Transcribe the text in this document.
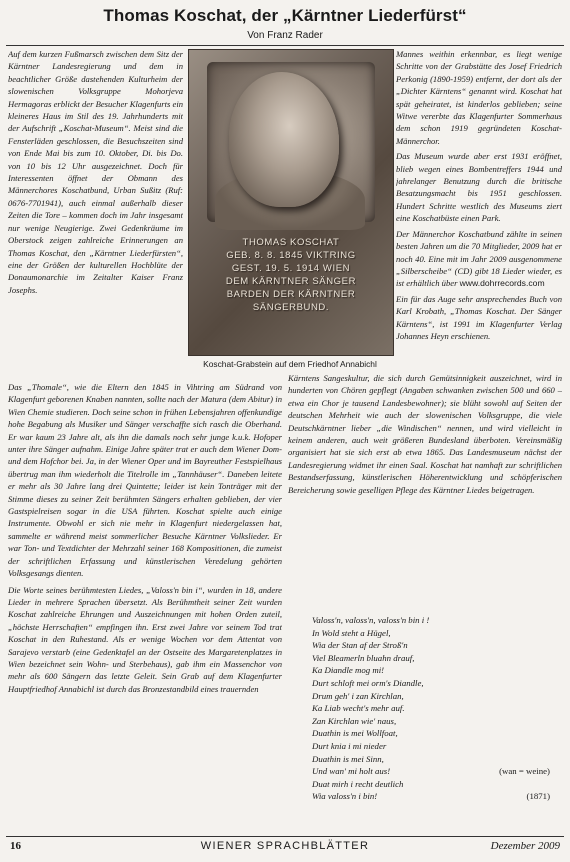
Thomas Koschat, der „Kärntner Liederfürst“
Von Franz Rader

Auf dem kurzen Fußmarsch zwischen dem Sitz der Kärntner Landesregierung und dem in beachtlicher Größe dastehenden Kulturheim der slowenischen Volksgruppe Mohorjeva Hermagoras erblickt der Besucher Klagenfurts ein kleineres Haus im Stil des 19. Jahrhunderts mit der Aufschrift „Koschat-Museum“. Meist sind die Fensterläden geschlossen, die Besuchszeiten sind von Ende Mai bis zum 10. Oktober, Di. bis Do. von 10 bis 12 Uhr ausgezeichnet. Doch für Interessenten öffnet der Obmann des Männerchores Koschatbund, Urban Sußitz (Ruf: 0676-7701941), auch einmal außerhalb dieser Zeiten die Tore – kommen doch im Jahr insgesamt nur wenige Neugierige. Zwei Gedenkräume im Oberstock zeigen zahlreiche Erinnerungen an Thomas Koschat, den „Kärntner Liederfürsten“, eine der Größen der kulturellen Hochblüte der Donaumonarchie im Zeitalter Kaiser Franz Josephs.

THOMAS KOSCHAT
GEB. 8. 8. 1845 VIKTRING
GEST. 19. 5. 1914 WIEN
DEM KÄRNTNER SÄNGER
BARDEN DER KÄRNTNER
SÄNGERBUND.
Koschat-Grabstein auf dem Friedhof Annabichl

Mannes weithin erkennbar, es liegt wenige Schritte von der Grabstätte des Josef Friedrich Perkonig (1890-1959) entfernt, der dort als der „Dichter Kärntens“ genannt wird. Koschat hat spät geheiratet, ist kinderlos geblieben; seine Witwe vererbte das Klagenfurter Sommerhaus dem schon 1919 gegründeten Koschat-Männerchor.

Das Museum wurde aber erst 1931 eröffnet, blieb wegen eines Bombentreffers 1944 und jahrelanger Benutzung durch die britische Besatzungsmacht bis 1951 geschlossen. Hundert Schritte westlich des Museums ziert eine Koschatbüste einen Park.

Der Männerchor Koschatbund zählte in seinen besten Jahren um die 70 Mitglieder, 2009 hat er noch 40. Eine mit im Jahr 2009 ausgenommene „Silberscheibe“ (CD) gibt 18 Lieder wieder, es ist erhältlich über www.dohrrecords.com

Ein für das Auge sehr ansprechendes Buch von Karl Krobath, „Thomas Koschat. Der Sänger Kärntens“, ist 1991 im Klagenfurter Verlag Johannes Heyn erschienen.

Das „Thomale“, wie die Eltern den 1845 in Vihtring am Südrand von Klagenfurt geborenen Knaben nannten, sollte nach der Matura (dem Abitur) in Wien Chemie studieren. Doch seine schon in frühen Lebensjahren offenkundige hohe Begabung als Musiker und Sänger verschaffte sich rasch die Oberhand. Er war kaum 23 Jahre alt, als ihn die damals noch sehr junge k.u.k. Hofoper unter ihre Sänger aufnahm. Einige Jahre später trat er auch dem Wiener Dom- und dem Hofchor bei. Ja, in der Wiener Oper und im Bayreuther Festspielhaus übertrug man ihm wiederholt die Titelrolle im „Tannhäuser“. Daneben leitete er mehr als 30 Jahre lang drei Quintette; leider ist kein Tonträger mit der Stimme dieses zu seiner Zeit berühmten Sängers erhalten geblieben, der vier Gastspielreisen sogar in die USA führten. Koschat spielte auch einige Instrumente. Obwohl er sich nie mehr in Klagenfurt niedergelassen hat, sammelte er während meist sommerlicher Besuche Kärntner Volkslieder. Er war Ton- und Textdichter der Mehrzahl seiner 168 Kompositionen, die zumeist der schriftlichen Erfassung und künstlerischen Veredelung gehörten Volksgesangs dienten.

Die Worte seines berühmtesten Liedes, „Valoss'n bin i“, wurden in 18, andere Lieder in mehrere Sprachen übersetzt. Als Berühmtheit seiner Zeit wurden Koschat zahlreiche Ehrungen und Auszeichnungen mit hohen Orden zuteil, „höchste Herrschaften“ empfingen ihn. Erst zwei Jahre vor seinem Tod trat Koschat in den Ruhestand. Als er wenige Wochen vor dem Attentat von Sarajevo verstarb (eine Gedenktafel an der Ostseite des Margaretenplatzes in Wien bezeichnet sein Wohn- und Sterbehaus), gab ihm ein Massenchor von mehr als 600 Sängern das letzte Geleit. Sein Grab auf dem Klagenfurter Hauptfriedhof Annabichl ist durch das Bronzestandbild eines trauernden

Kärntens Sangeskultur, die sich durch Gemütsinnigkeit auszeichnet, wird in hunderten von Chören gepflegt (Angaben schwanken zwischen 500 und 660 – etwa ein Chor je tausend Landesbewohner); sie blüht sowohl auf Seiten der deutschen Mehrheit wie auch der slowenischen Volksgruppe, die viele Deutschkärntner lieber „die Windischen“ nennen, und wird vielleicht in keinem anderen, auch weit größeren Bundesland überboten. Vereinsmäßig organisiert hat sie sich erst ab etwa 1865. Das Landesmuseum nächst der Landesregierung widmet ihr einen Saal. Koschat hat namhaft zur schriftlichen Bestandserfassung, künstlerischen Höherentwicklung und schöpferischen Bereicherung sowie geselligen Pflege des Kärntner Liedes beigetragen.

Valoss'n, valoss'n, valoss'n bin i !
In Wold steht a Hügel,
Wia der Stan af der Stroß'n
Viel Bleamerln bluahn drauf,
Ka Diandle mog mi!
Durt schloft mei orm's Diandle,
Drum geh' i zan Kirchlan,
Ka Liab wecht's mehr auf.
Zan Kirchlan wie' naus,
Duathin is mei Wollfoat,
Durt knia i mi nieder
Duathin is mei Sinn,
Und wan' mi holt aus!	(wan = weine)
Duat mirh i recht deutlich
Wia valoss'n i bin!	(1871)
WIENER SPRACHBLÄTTER
16	Dezember 2009
